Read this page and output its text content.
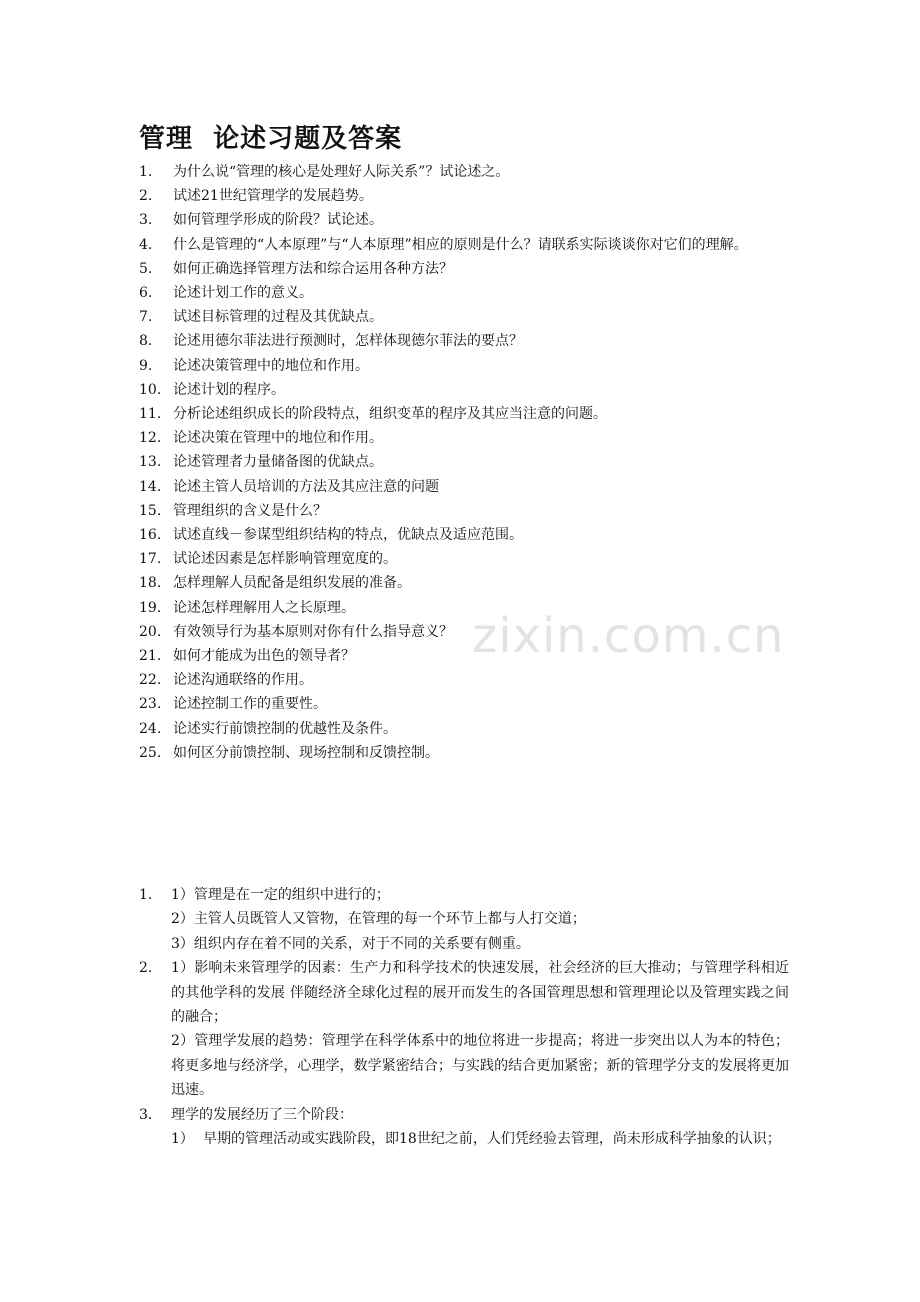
管理  论述习题及答案
1.	为什么说“管理的核心是处理好人际关系”？试论述之。
2.	试述21世纪管理学的发展趋势。
3.	如何管理学形成的阶段？试论述。
4.	什么是管理的“人本原理”与“人本原理”相应的原则是什么？请联系实际谈谈你对它们的理解。
5.	如何正确选择管理方法和综合运用各种方法？
6.	论述计划工作的意义。
7.	试述目标管理的过程及其优缺点。
8.	论述用德尔菲法进行预测时，怎样体现德尔菲法的要点？
9.	论述决策管理中的地位和作用。
10. 论述计划的程序。
11. 分析论述组织成长的阶段特点，组织变革的程序及其应当注意的问题。
12. 论述决策在管理中的地位和作用。
13. 论述管理者力量储备图的优缺点。
14. 论述主管人员培训的方法及其应注意的问题
15. 管理组织的含义是什么？
16. 试述直线－参谋型组织结构的特点，优缺点及适应范围。
17. 试论述因素是怎样影响管理宽度的。
18. 怎样理解人员配备是组织发展的准备。
19. 论述怎样理解用人之长原理。
20. 有效领导行为基本原则对你有什么指导意义？
21. 如何才能成为出色的领导者？
22. 论述沟通联络的作用。
23. 论述控制工作的重要性。
24. 论述实行前馈控制的优越性及条件。
25. 如何区分前馈控制、现场控制和反馈控制。
zixin.com.cn
1． 1）管理是在一定的组织中进行的；
2）主管人员既管人又管物，在管理的每一个环节上都与人打交道；
3）组织内存在着不同的关系，对于不同的关系要有侧重。
2． 1）影响未来管理学的因素：生产力和科学技术的快速发展，社会经济的巨大推动；与管理学科相近的其他学科的发展 伴随经济全球化过程的展开而发生的各国管理思想和管理理论以及管理实践之间的融合；
2）管理学发展的趋势：管理学在科学体系中的地位将进一步提高；将进一步突出以人为本的特色；将更多地与经济学，心理学，数学紧密结合；与实践的结合更加紧密；新的管理学分支的发展将更加迅速。
3． 理学的发展经历了三个阶段：
1） 早期的管理活动或实践阶段，即18世纪之前，人们凭经验去管理，尚未形成科学抽象的认识；
